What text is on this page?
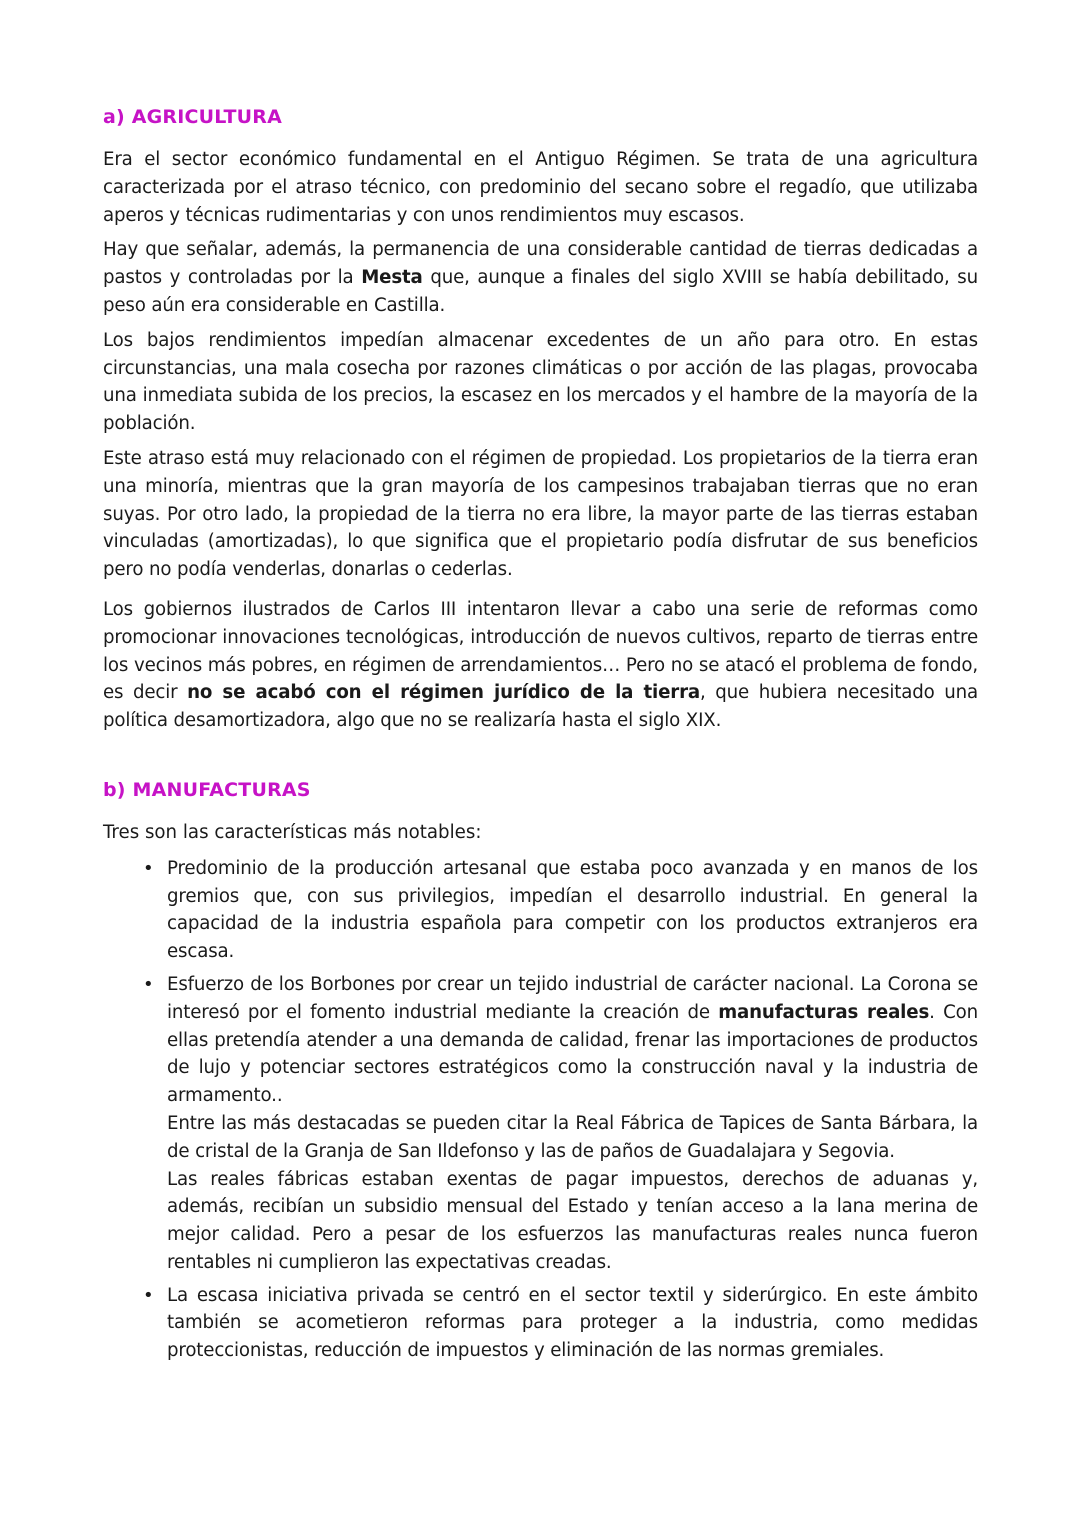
a) AGRICULTURA

Era el sector económico fundamental en el Antiguo Régimen. Se trata de una agricultura caracterizada por el atraso técnico, con predominio del secano sobre el regadío, que utilizaba aperos y técnicas rudimentarias y con unos rendimientos muy escasos.

Hay que señalar, además, la permanencia de una considerable cantidad de tierras dedicadas a pastos y controladas por la Mesta que, aunque a finales del siglo XVIII se había debilitado, su peso aún era considerable en Castilla.

Los bajos rendimientos impedían almacenar excedentes de un año para otro. En estas circunstancias, una mala cosecha por razones climáticas o por acción de las plagas, provocaba una inmediata subida de los precios, la escasez en los mercados y el hambre de la mayoría de la población.

Este atraso está muy relacionado con el régimen de propiedad. Los propietarios de la tierra eran una minoría, mientras que la gran mayoría de los campesinos trabajaban tierras que no eran suyas. Por otro lado, la propiedad de la tierra no era libre, la mayor parte de las tierras estaban vinculadas (amortizadas), lo que significa que el propietario podía disfrutar de sus beneficios pero no podía venderlas, donarlas o cederlas.

Los gobiernos ilustrados de Carlos III intentaron llevar a cabo una serie de reformas como promocionar innovaciones tecnológicas, introducción de nuevos cultivos, reparto de tierras entre los vecinos más pobres, en régimen de arrendamientos… Pero no se atacó el problema de fondo, es decir no se acabó con el régimen jurídico de la tierra, que hubiera necesitado una política desamortizadora, algo que no se realizaría hasta el siglo XIX.

b) MANUFACTURAS

Tres son las características más notables:

• Predominio de la producción artesanal que estaba poco avanzada y en manos de los gremios que, con sus privilegios, impedían el desarrollo industrial. En general la capacidad de la industria española para competir con los productos extranjeros era escasa.

• Esfuerzo de los Borbones por crear un tejido industrial de carácter nacional. La Corona se interesó por el fomento industrial mediante la creación de manufacturas reales. Con ellas pretendía atender a una demanda de calidad, frenar las importaciones de productos de lujo y potenciar sectores estratégicos como la construcción naval y la industria de armamento..

Entre las más destacadas se pueden citar la Real Fábrica de Tapices de Santa Bárbara, la de cristal de la Granja de San Ildefonso y las de paños de Guadalajara y Segovia.

Las reales fábricas estaban exentas de pagar impuestos, derechos de aduanas y, además, recibían un subsidio mensual del Estado y tenían acceso a la lana merina de mejor calidad. Pero a pesar de los esfuerzos las manufacturas reales nunca fueron rentables ni cumplieron las expectativas creadas.

• La escasa iniciativa privada se centró en el sector textil y siderúrgico. En este ámbito también se acometieron reformas para proteger a la industria, como medidas proteccionistas, reducción de impuestos y eliminación de las normas gremiales.
